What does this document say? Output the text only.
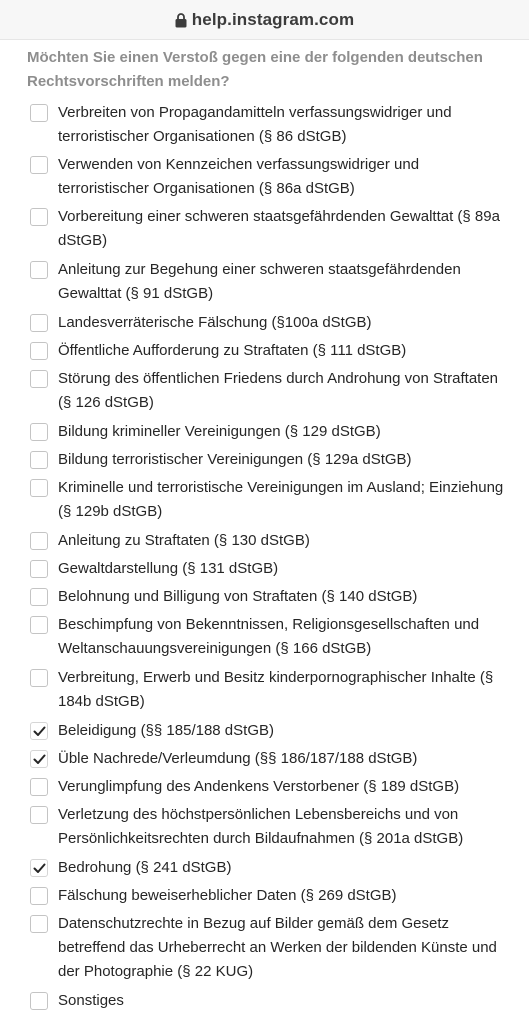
help.instagram.com
Möchten Sie einen Verstoß gegen eine der folgenden deutschen Rechtsvorschriften melden?
Verbreiten von Propagandamitteln verfassungswidriger und terroristischer Organisationen (§ 86 dStGB)
Verwenden von Kennzeichen verfassungswidriger und terroristischer Organisationen (§ 86a dStGB)
Vorbereitung einer schweren staatsgefährdenden Gewalttat (§ 89a dStGB)
Anleitung zur Begehung einer schweren staatsgefährdenden Gewalttat (§ 91 dStGB)
Landesverräterische Fälschung (§100a dStGB)
Öffentliche Aufforderung zu Straftaten (§ 111 dStGB)
Störung des öffentlichen Friedens durch Androhung von Straftaten (§ 126 dStGB)
Bildung krimineller Vereinigungen (§ 129 dStGB)
Bildung terroristischer Vereinigungen (§ 129a dStGB)
Kriminelle und terroristische Vereinigungen im Ausland; Einziehung (§ 129b dStGB)
Anleitung zu Straftaten (§ 130 dStGB)
Gewaltdarstellung (§ 131 dStGB)
Belohnung und Billigung von Straftaten (§ 140 dStGB)
Beschimpfung von Bekenntnissen, Religionsgesellschaften und Weltanschauungsvereinigungen (§ 166 dStGB)
Verbreitung, Erwerb und Besitz kinderpornographischer Inhalte (§ 184b dStGB)
Beleidigung (§§ 185/188 dStGB)
Üble Nachrede/Verleumdung (§§ 186/187/188 dStGB)
Verunglimpfung des Andenkens Verstorbener (§ 189 dStGB)
Verletzung des höchstpersönlichen Lebensbereichs und von Persönlichkeitsrechten durch Bildaufnahmen (§ 201a dStGB)
Bedrohung (§ 241 dStGB)
Fälschung beweiserheblicher Daten (§ 269 dStGB)
Datenschutzrechte in Bezug auf Bilder gemäß dem Gesetz betreffend das Urheberrecht an Werken der bildenden Künste und der Photographie (§ 22 KUG)
Sonstiges
